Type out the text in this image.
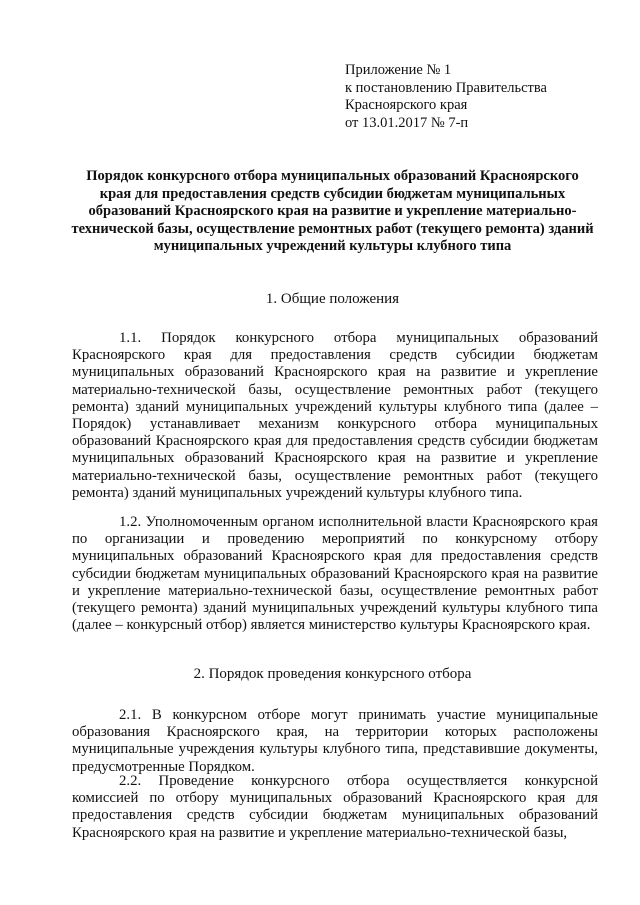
Приложение № 1
к постановлению Правительства
Красноярского края
от 13.01.2017 № 7-п
Порядок конкурсного отбора муниципальных образований Красноярского края для предоставления средств субсидии бюджетам муниципальных образований Красноярского края на развитие и укрепление материально-технической базы, осуществление ремонтных работ (текущего ремонта) зданий муниципальных учреждений культуры клубного типа
1. Общие положения
1.1. Порядок конкурсного отбора муниципальных образований Красноярского края для предоставления средств субсидии бюджетам муниципальных образований Красноярского края на развитие и укрепление материально-технической базы, осуществление ремонтных работ (текущего ремонта) зданий муниципальных учреждений культуры клубного типа (далее – Порядок) устанавливает механизм конкурсного отбора муниципальных образований Красноярского края для предоставления средств субсидии бюджетам муниципальных образований Красноярского края на развитие и укрепление материально-технической базы, осуществление ремонтных работ (текущего ремонта) зданий муниципальных учреждений культуры клубного типа.
1.2. Уполномоченным органом исполнительной власти Красноярского края по организации и проведению мероприятий по конкурсному отбору муниципальных образований Красноярского края для предоставления средств субсидии бюджетам муниципальных образований Красноярского края на развитие и укрепление материально-технической базы, осуществление ремонтных работ (текущего ремонта) зданий муниципальных учреждений культуры клубного типа (далее – конкурсный отбор) является министерство культуры Красноярского края.
2. Порядок проведения конкурсного отбора
2.1. В конкурсном отборе могут принимать участие муниципальные образования Красноярского края, на территории которых расположены муниципальные учреждения культуры клубного типа, представившие документы, предусмотренные Порядком.
2.2. Проведение конкурсного отбора осуществляется конкурсной комиссией по отбору муниципальных образований Красноярского края для предоставления средств субсидии бюджетам муниципальных образований Красноярского края на развитие и укрепление материально-технической базы,
